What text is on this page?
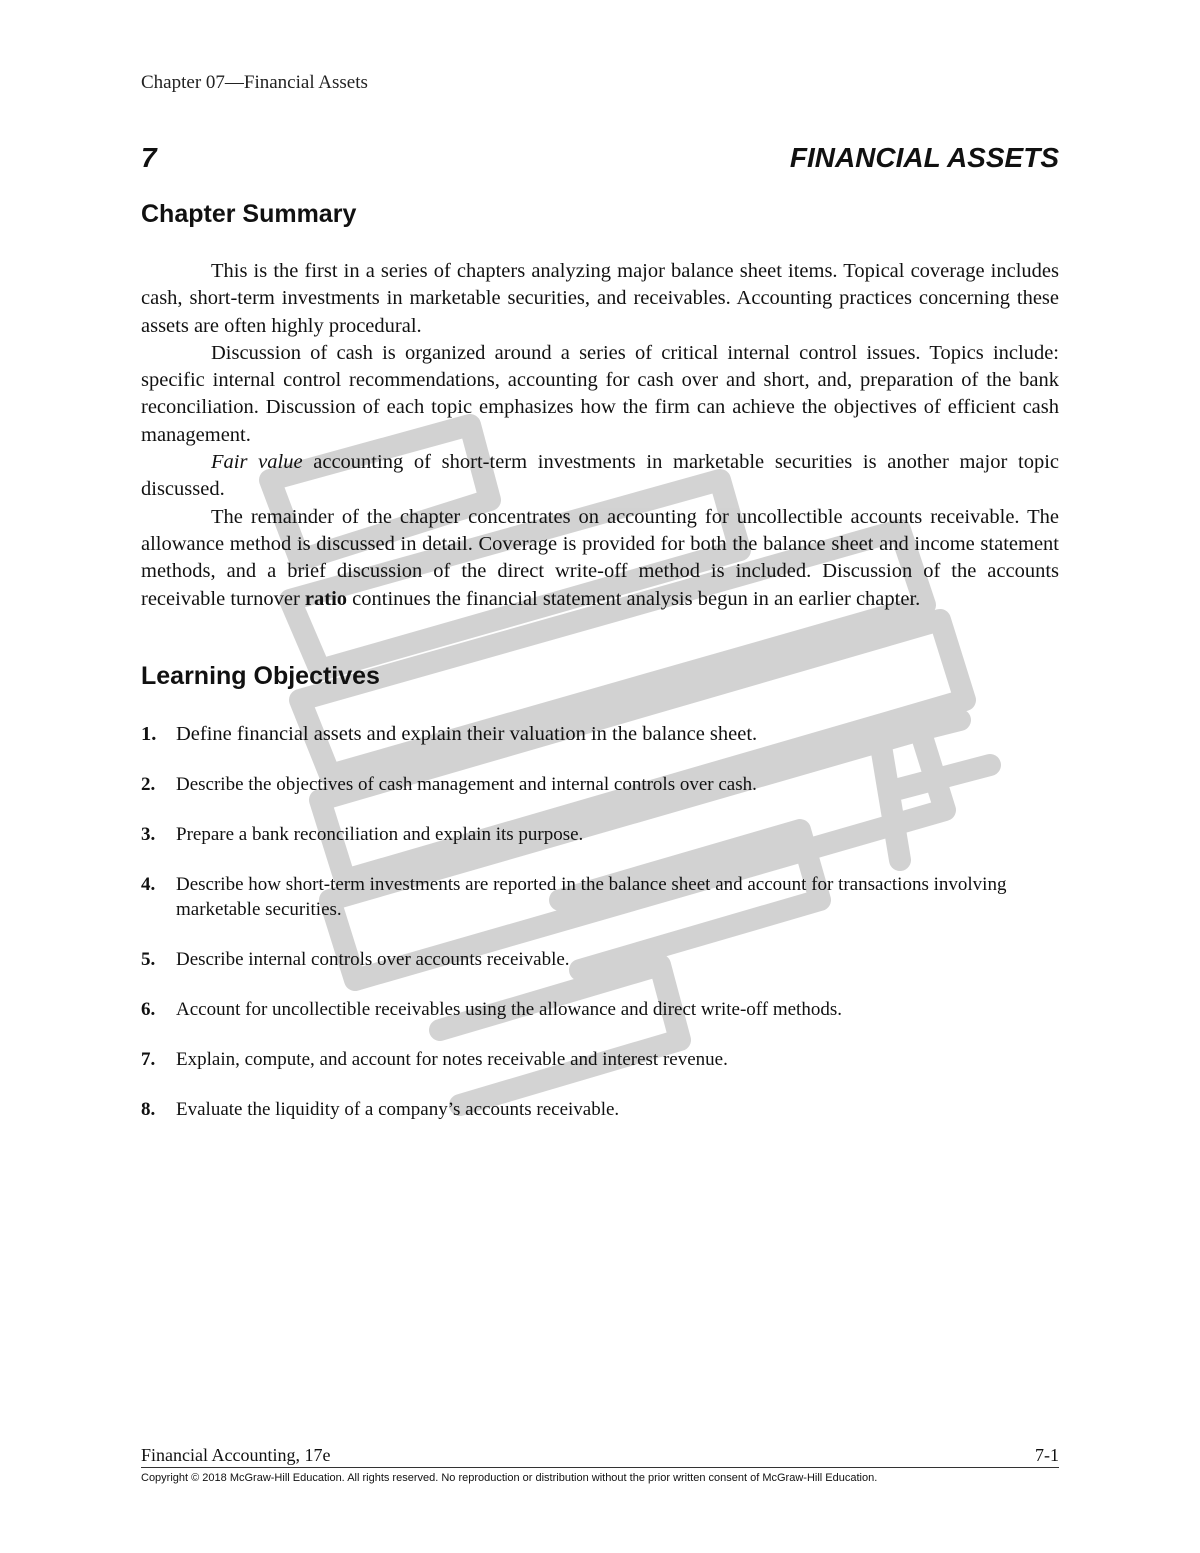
Chapter 07—Financial Assets
7	FINANCIAL ASSETS
Chapter Summary

This is the first in a series of chapters analyzing major balance sheet items. Topical coverage includes cash, short-term investments in marketable securities, and receivables. Accounting practices concerning these assets are often highly procedural.

Discussion of cash is organized around a series of critical internal control issues. Topics include: specific internal control recommendations, accounting for cash over and short, and, preparation of the bank reconciliation. Discussion of each topic emphasizes how the firm can achieve the objectives of efficient cash management.

Fair value accounting of short-term investments in marketable securities is another major topic discussed.

The remainder of the chapter concentrates on accounting for uncollectible accounts receivable. The allowance method is discussed in detail. Coverage is provided for both the balance sheet and income statement methods, and a brief discussion of the direct write-off method is included. Discussion of the accounts receivable turnover ratio continues the financial statement analysis begun in an earlier chapter.

Learning Objectives
1. Define financial assets and explain their valuation in the balance sheet.
2.	Describe the objectives of cash management and internal controls over cash.
3.	Prepare a bank reconciliation and explain its purpose.
4.	Describe how short-term investments are reported in the balance sheet and account for transactions involving marketable securities.
5.	Describe internal controls over accounts receivable.
6.	Account for uncollectible receivables using the allowance and direct write-off methods.
7.	Explain, compute, and account for notes receivable and interest revenue.
8.	Evaluate the liquidity of a company’s accounts receivable.
Financial Accounting, 17e	7-1
Copyright © 2018 McGraw-Hill Education. All rights reserved. No reproduction or distribution without the prior written consent of McGraw-Hill Education.
